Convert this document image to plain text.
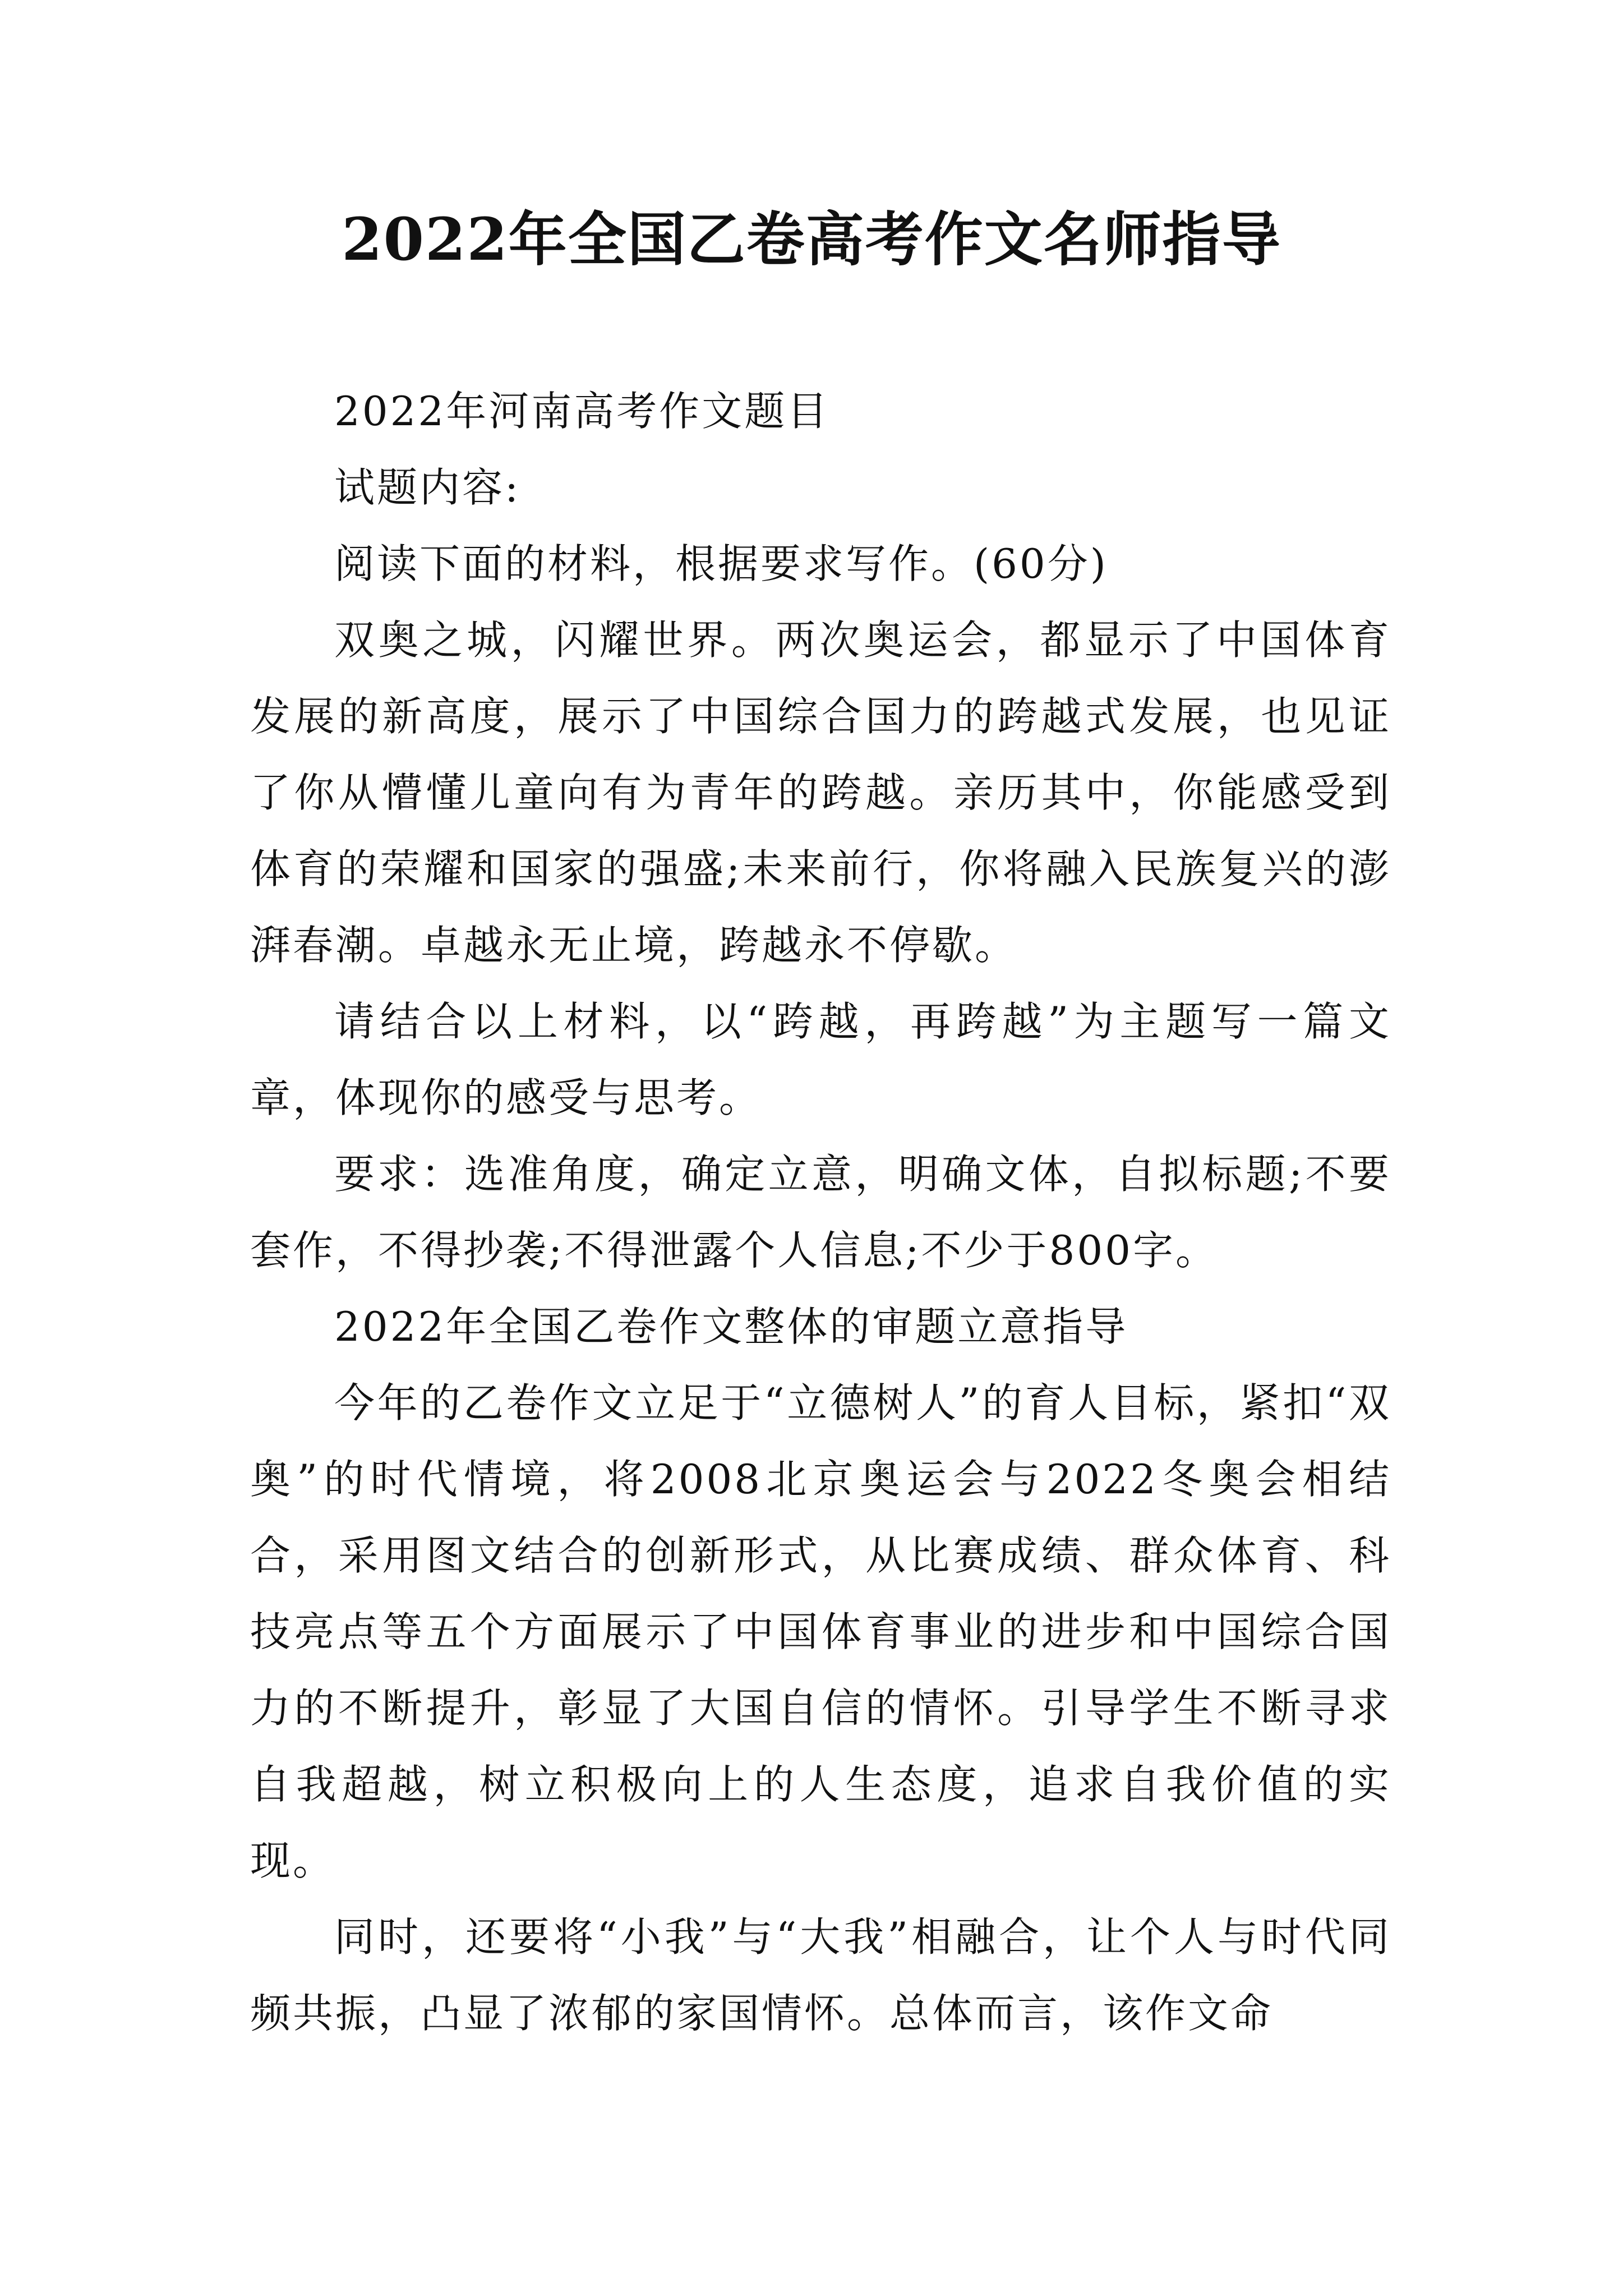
2022年全国乙卷高考作文名师指导

2022年河南高考作文题目

试题内容:

阅读下面的材料，根据要求写作。(60分)

双奥之城，闪耀世界。两次奥运会，都显示了中国体育发展的新高度，展示了中国综合国力的跨越式发展，也见证了你从懵懂儿童向有为青年的跨越。亲历其中，你能感受到体育的荣耀和国家的强盛;未来前行，你将融入民族复兴的澎湃春潮。卓越永无止境，跨越永不停歇。

请结合以上材料，以“跨越，再跨越”为主题写一篇文章，体现你的感受与思考。

要求：选准角度，确定立意，明确文体，自拟标题;不要套作，不得抄袭;不得泄露个人信息;不少于800字。

2022年全国乙卷作文整体的审题立意指导

今年的乙卷作文立足于“立德树人”的育人目标，紧扣“双奥”的时代情境，将2008北京奥运会与2022冬奥会相结合，采用图文结合的创新形式，从比赛成绩、群众体育、科技亮点等五个方面展示了中国体育事业的进步和中国综合国力的不断提升，彰显了大国自信的情怀。引导学生不断寻求自我超越，树立积极向上的人生态度，追求自我价值的实现。

同时，还要将“小我”与“大我”相融合，让个人与时代同频共振，凸显了浓郁的家国情怀。总体而言，该作文命
